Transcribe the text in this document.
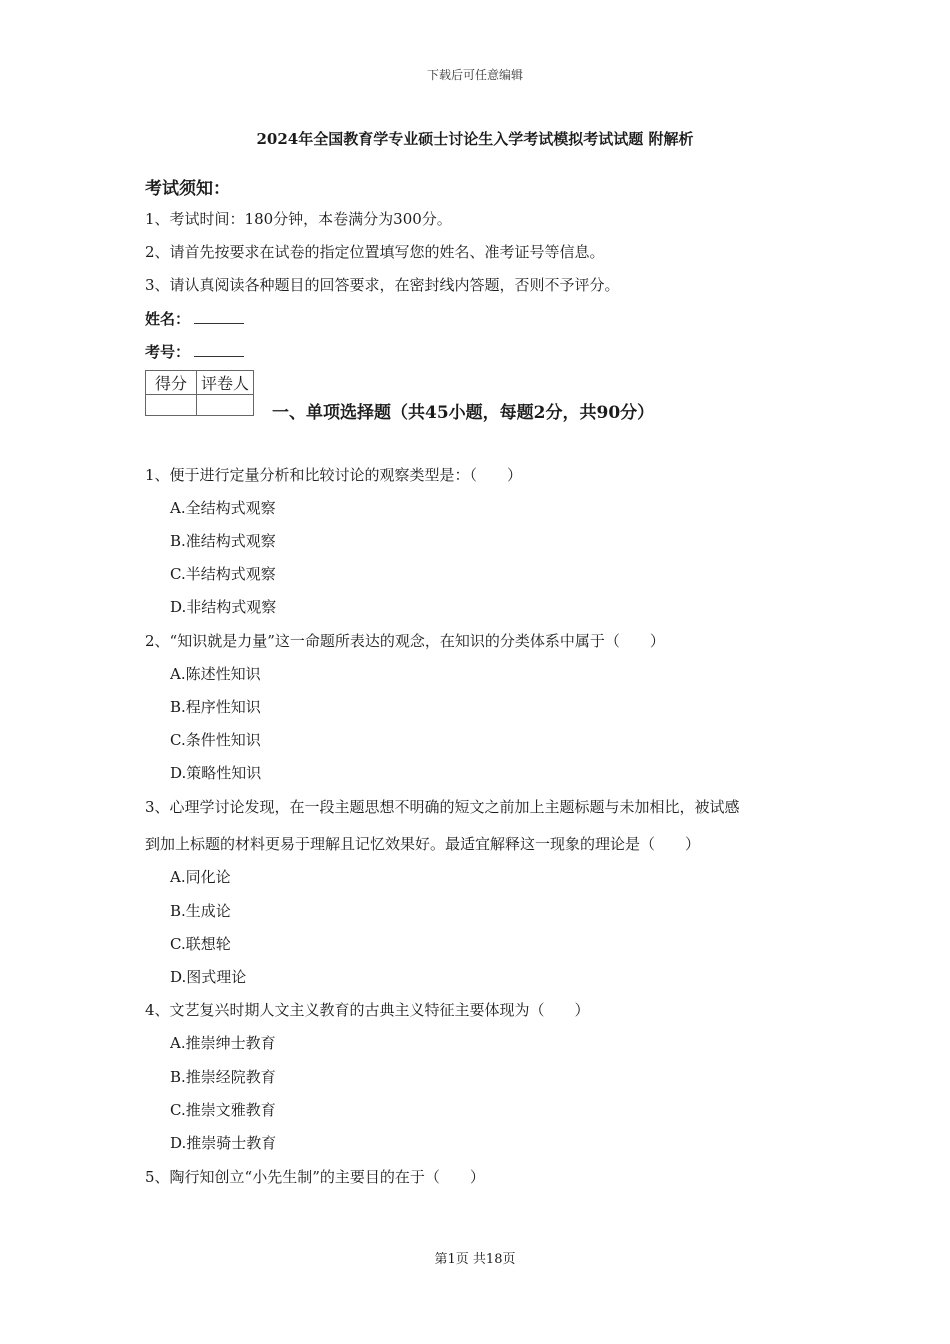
下载后可任意编辑
2024年全国教育学专业硕士讨论生入学考试模拟考试试题 附解析
考试须知：
1、考试时间：180分钟，本卷满分为300分。
2、请首先按要求在试卷的指定位置填写您的姓名、准考证号等信息。
3、请认真阅读各种题目的回答要求，在密封线内答题，否则不予评分。
姓名：
考号：
得分	评卷人

一、单项选择题（共45小题，每题2分，共90分）
1、便于进行定量分析和比较讨论的观察类型是：（　　）
A.全结构式观察
B.准结构式观察
C.半结构式观察
D.非结构式观察
2、“知识就是力量”这一命题所表达的观念，在知识的分类体系中属于（　　）
A.陈述性知识
B.程序性知识
C.条件性知识
D.策略性知识
3、心理学讨论发现，在一段主题思想不明确的短文之前加上主题标题与未加相比，被试感
到加上标题的材料更易于理解且记忆效果好。最适宜解释这一现象的理论是（　　）
A.同化论
B.生成论
C.联想轮
D.图式理论
4、文艺复兴时期人文主义教育的古典主义特征主要体现为（　　）
A.推崇绅士教育
B.推崇经院教育
C.推崇文雅教育
D.推崇骑士教育
5、陶行知创立“小先生制”的主要目的在于（　　）
第1页 共18页
